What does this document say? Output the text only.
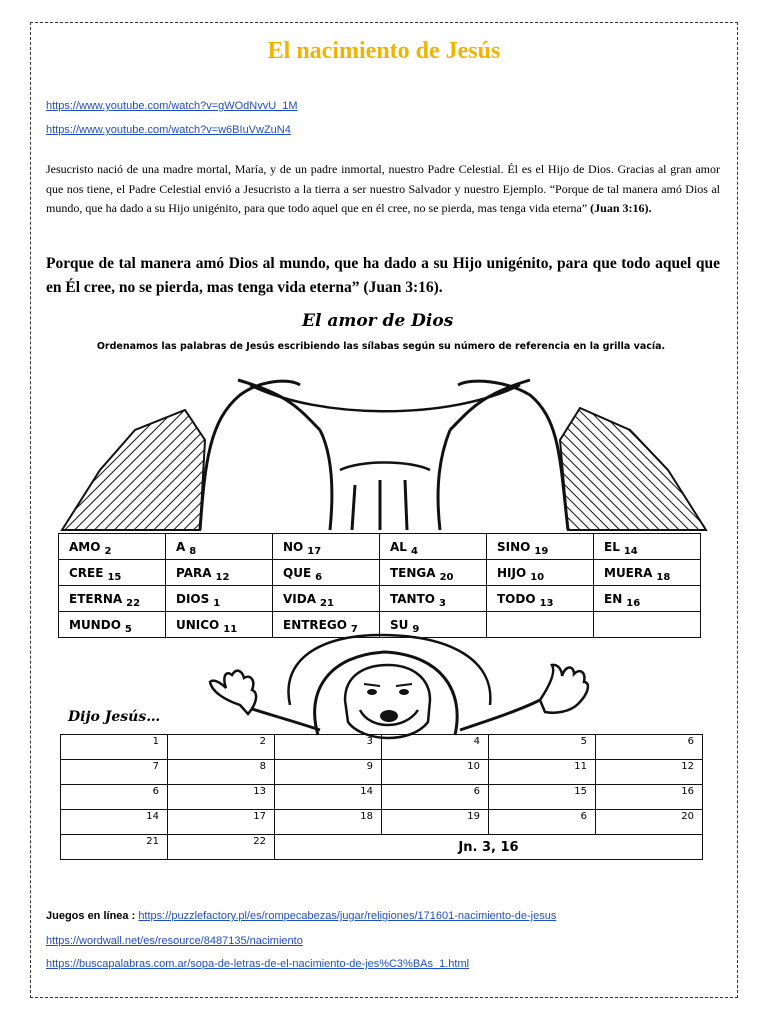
El nacimiento de Jesús
https://www.youtube.com/watch?v=gWOdNvvU_1M
https://www.youtube.com/watch?v=w6BIuVwZuN4
Jesucristo nació de una madre mortal, María, y de un padre inmortal, nuestro Padre Celestial. Él es el Hijo de Dios. Gracias al gran amor que nos tiene, el Padre Celestial envió a Jesucristo a la tierra a ser nuestro Salvador y nuestro Ejemplo. “Porque de tal manera amó Dios al mundo, que ha dado a su Hijo unigénito, para que todo aquel que en él cree, no se pierda, mas tenga vida eterna” (Juan 3:16).
Porque de tal manera amó Dios al mundo, que ha dado a su Hijo unigénito, para que todo aquel que en Él cree, no se pierda, mas tenga vida eterna” (Juan 3:16).
El amor de Dios
Ordenamos las palabras de Jesús escribiendo las sílabas según su número de referencia en la grilla vacía.
AMO $_2$	A $_8$	NO $_{17}$	AL $_4$	SINO $_{19}$	EL $_{14}$
CREE $_{15}$	PARA $_{12}$	QUE $_6$	TENGA $_{20}$	HIJO $_{10}$	MUERA $_{18}$
ETERNA $_{22}$	DIOS $_1$	VIDA $_{21}$	TANTO $_3$	TODO $_{13}$	EN $_{16}$
MUNDO $_5$	UNICO $_{11}$	ENTREGO $_7$	SU $_9$		
Dijo Jesús…
1	2	3	4	5	6
7	8	9	10	11	12
6	13	14	6	15	16
14	17	18	19	6	20
21	22	Jn. 3, 16			
Juegos en línea : https://puzzlefactory.pl/es/rompecabezas/jugar/religiones/171601-nacimiento-de-jesus
https://wordwall.net/es/resource/8487135/nacimiento
https://buscapalabras.com.ar/sopa-de-letras-de-el-nacimiento-de-jes%C3%BAs_1.html
